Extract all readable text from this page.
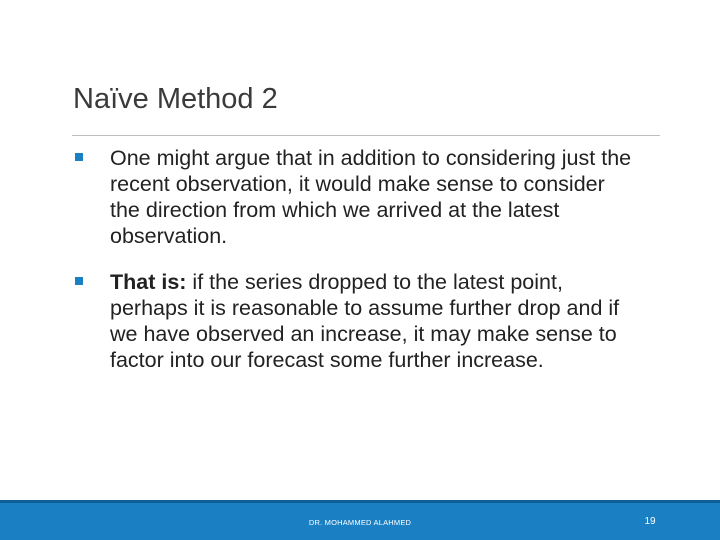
Naïve Method 2
One might argue that in addition to considering just the recent observation, it would make sense to consider the direction from which we arrived at the latest observation.
That is: if the series dropped to the latest point, perhaps it is reasonable to assume further drop and if we have observed an increase, it may make sense to factor into our forecast some further increase.
DR. MOHAMMED ALAHMED	19
